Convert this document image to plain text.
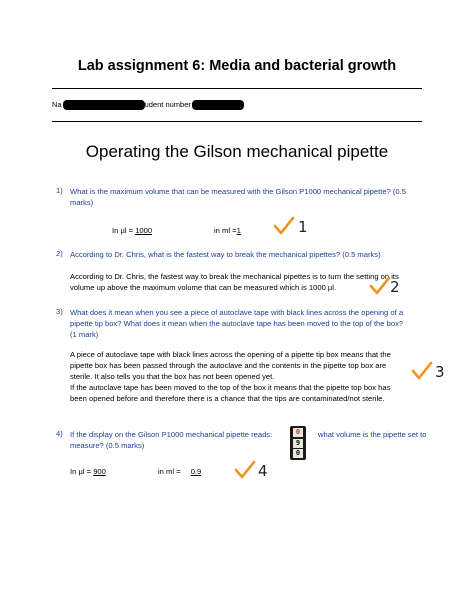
Lab assignment 6: Media and bacterial growth
Na	udent number
Operating the Gilson mechanical pipette
1) What is the maximum volume that can be measured with the Gilson P1000 mechanical pipette? (0.5
marks)
In µl = 1000	in ml =1	1
2) According to Dr. Chris, what is the fastest way to break the mechanical pipettes? (0.5 marks)
According to Dr. Chris, the fastest way to break the mechanical pipettes is to turn the setting on its
volume up above the maximum volume that can be measured which is 1000 µl.	2
3) What does it mean when you see a piece of autoclave tape with black lines across the opening of a
pipette tip box? What does it mean when the autoclave tape has been moved to the top of the box?
(1 mark)
A piece of autoclave tape with black lines across the opening of a pipette tip box means that the
pipette box has been passed through the autoclave and the contents in the pipette top box are
sterile. It also tells you that the box has not been opened yet.
If the autoclave tape has been moved to the top of the box it means that the pipette top box has
been opened before and therefore there is a chance that the tips are contaminated/not sterile.
3
4) If the display on the Gilson P1000 mechanical pipette reads:	0
9
0
what volume is the pipette set to
measure? (0.5 marks)
In µl = 900	in ml = 0.9	4
